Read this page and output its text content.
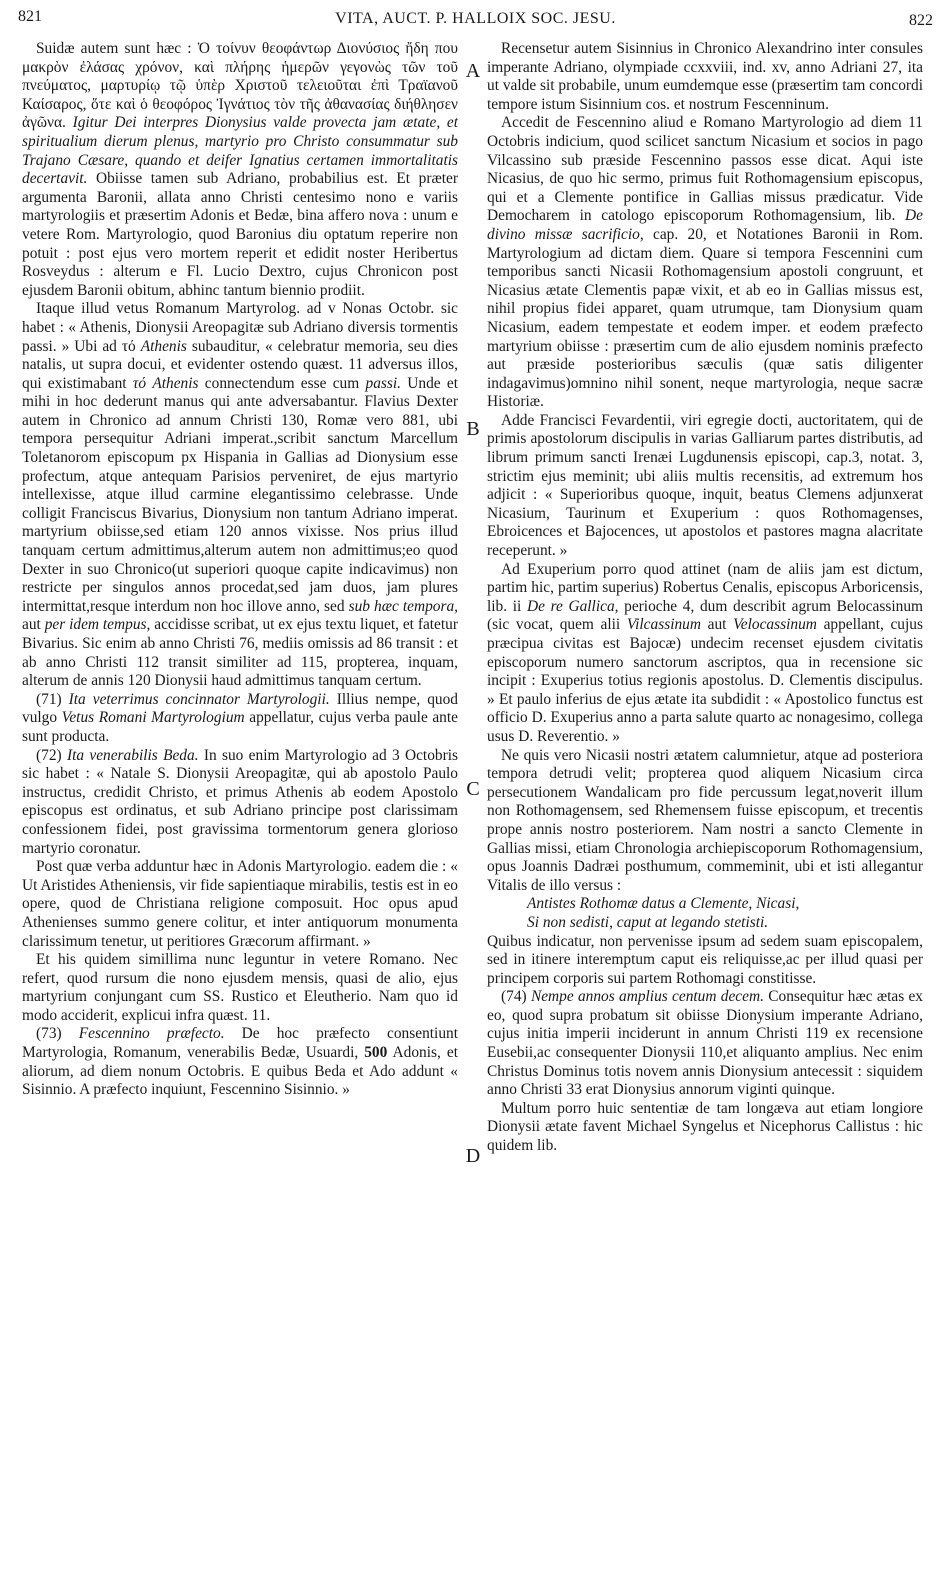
821	VITA, AUCT. P. HALLOIX SOC. JESU.	822
A
B
C
D

Suidæ autem sunt hæc : Ὁ τοίνυν θεοφάντωρ Διονύσιος ἤδη που μακρὸν ἐλάσας χρόνον, καὶ πλήρης ἡμερῶν γεγονὼς τῶν τοῦ πνεύματος, μαρτυρίῳ τῷ ὑπὲρ Χριστοῦ τελειοῦται ἐπὶ Τραϊανοῦ Καίσαρος, ὅτε καὶ ὁ θεοφόρος Ἰγνάτιος τὸν τῆς ἀθανασίας διήθλησεν ἀγῶνα. Igitur Dei interpres Dionysius valde provecta jam ætate, et spiritualium dierum plenus, martyrio pro Christo consummatur sub Trajano Cæsare, quando et deifer Ignatius certamen immortalitatis decertavit. Obiisse tamen sub Adriano, probabilius est. Et præter argumenta Baronii, allata anno Christi centesimo nono e variis martyrologiis et præsertim Adonis et Bedæ, bina affero nova : unum e vetere Rom. Martyrologio, quod Baronius diu optatum reperire non potuit : post ejus vero mortem reperit et edidit noster Heribertus Rosveydus : alterum e Fl. Lucio Dextro, cujus Chronicon post ejusdem Baronii obitum, abhinc tantum biennio prodiit.

Itaque illud vetus Romanum Martyrolog. ad v Nonas Octobr. sic habet : « Athenis, Dionysii Areopagitæ sub Adriano diversis tormentis passi. » Ubi ad τό Athenis subauditur, « celebratur memoria, seu dies natalis, ut supra docui, et evidenter ostendo quæst. 11 adversus illos, qui existimabant τό Athenis connectendum esse cum passi. Unde et mihi in hoc dederunt manus qui ante adversabantur. Flavius Dexter autem in Chronico ad annum Christi 130, Romæ vero 881, ubi tempora persequitur Adriani imperat.,scribit sanctum Marcellum Toletanorom episcopum px Hispania in Gallias ad Dionysium esse profectum, atque antequam Parisios perveniret, de ejus martyrio intellexisse, atque illud carmine elegantissimo celebrasse. Unde colligit Franciscus Bivarius, Dionysium non tantum Adriano imperat. martyrium obiisse,sed etiam 120 annos vixisse. Nos prius illud tanquam certum admittimus,alterum autem non admittimus;eo quod Dexter in suo Chronico(ut superiori quoque capite indicavimus) non restricte per singulos annos procedat,sed jam duos, jam plures intermittat,resque interdum non hoc illove anno, sed sub hæc tempora, aut per idem tempus, accidisse scribat, ut ex ejus textu liquet, et fatetur Bivarius. Sic enim ab anno Christi 76, mediis omissis ad 86 transit : et ab anno Christi 112 transit similiter ad 115, propterea, inquam, alterum de annis 120 Dionysii haud admittimus tanquam certum.

(71) Ita veterrimus concinnator Martyrologii. Illius nempe, quod vulgo Vetus Romani Martyrologium appellatur, cujus verba paule ante sunt producta.

(72) Ita venerabilis Beda. In suo enim Martyrologio ad 3 Octobris sic habet : « Natale S. Dionysii Areopagitæ, qui ab apostolo Paulo instructus, credidit Christo, et primus Athenis ab eodem Apostolo episcopus est ordinatus, et sub Adriano principe post clarissimam confessionem fidei, post gravissima tormentorum genera glorioso martyrio coronatur.

Post quæ verba adduntur hæc in Adonis Martyrologio. eadem die : « Ut Aristides Atheniensis, vir fide sapientiaque mirabilis, testis est in eo opere, quod de Christiana religione composuit. Hoc opus apud Athenienses summo genere colitur, et inter antiquorum monumenta clarissimum tenetur, ut peritiores Græcorum affirmant. »

Et his quidem simillima nunc leguntur in vetere Romano. Nec refert, quod rursum die nono ejusdem mensis, quasi de alio, ejus martyrium conjungant cum SS. Rustico et Eleutherio. Nam quo id modo acciderit, explicui infra quæst. 11.

(73) Fescennino præfecto. De hoc præfecto consentiunt Martyrologia, Romanum, venerabilis Bedæ, Usuardi, 500 Adonis, et aliorum, ad diem nonum Octobris. E quibus Beda et Ado addunt « Sisinnio. A præfecto inquiunt, Fescennino Sisinnio. »

Recensetur autem Sisinnius in Chronico Alexandrino inter consules imperante Adriano, olympiade ccxxviii, ind. xv, anno Adriani 27, ita ut valde sit probabile, unum eumdemque esse (præsertim tam concordi tempore istum Sisinnium cos. et nostrum Fescenninum.

Accedit de Fescennino aliud e Romano Martyrologio ad diem 11 Octobris indicium, quod scilicet sanctum Nicasium et socios in pago Vilcassino sub præside Fescennino passos esse dicat. Aqui iste Nicasius, de quo hic sermo, primus fuit Rothomagensium episcopus, qui et a Clemente pontifice in Gallias missus prædicatur. Vide Democharem in catologo episcoporum Rothomagensium, lib. De divino missæ sacrificio, cap. 20, et Notationes Baronii in Rom. Martyrologium ad dictam diem. Quare si tempora Fescennini cum temporibus sancti Nicasii Rothomagensium apostoli congruunt, et Nicasius ætate Clementis papæ vixit, et ab eo in Gallias missus est, nihil propius fidei apparet, quam utrumque, tam Dionysium quam Nicasium, eadem tempestate et eodem imper. et eodem præfecto martyrium obiisse : præsertim cum de alio ejusdem nominis præfecto aut præside posterioribus sæculis (quæ satis diligenter indagavimus)omnino nihil sonent, neque martyrologia, neque sacræ Historiæ.

Adde Francisci Fevardentii, viri egregie docti, auctoritatem, qui de primis apostolorum discipulis in varias Galliarum partes distributis, ad librum primum sancti Irenæi Lugdunensis episcopi, cap.3, notat. 3, strictim ejus meminit; ubi aliis multis recensitis, ad extremum hos adjicit : « Superioribus quoque, inquit, beatus Clemens adjunxerat Nicasium, Taurinum et Exuperium : quos Rothomagenses, Ebroicences et Bajocences, ut apostolos et pastores magna alacritate receperunt. »

Ad Exuperium porro quod attinet (nam de aliis jam est dictum, partim hic, partim superius) Robertus Cenalis, episcopus Arboricensis, lib. ii De re Gallica, perioche 4, dum describit agrum Belocassinum (sic vocat, quem alii Vilcassinum aut Velocassinum appellant, cujus præcipua civitas est Bajocæ) undecim recenset ejusdem civitatis episcoporum numero sanctorum ascriptos, qua in recensione sic incipit : Exuperius totius regionis apostolus. D. Clementis discipulus. » Et paulo inferius de ejus ætate ita subdidit : « Apostolico functus est officio D. Exuperius anno a parta salute quarto ac nonagesimo, collega usus D. Reverentio. »

Ne quis vero Nicasii nostri ætatem calumnietur, atque ad posteriora tempora detrudi velit; propterea quod aliquem Nicasium circa persecutionem Wandalicam pro fide percussum legat,noverit illum non Rothomagensem, sed Rhemensem fuisse episcopum, et trecentis prope annis nostro posteriorem. Nam nostri a sancto Clemente in Gallias missi, etiam Chronologia archiepiscoporum Rothomagensium, opus Joannis Dadræi posthumum, commeminit, ubi et isti allegantur Vitalis de illo versus :

Antistes Rothomæ datus a Clemente, Nicasi,
Si non sedisti, caput at legando stetisti.

Quibus indicatur, non pervenisse ipsum ad sedem suam episcopalem, sed in itinere interemptum caput eis reliquisse,ac per illud quasi per principem corporis sui partem Rothomagi constitisse.

(74) Nempe annos amplius centum decem. Consequitur hæc ætas ex eo, quod supra probatum sit obiisse Dionysium imperante Adriano, cujus initia imperii inciderunt in annum Christi 119 ex recensione Eusebii,ac consequenter Dionysii 110,et aliquanto amplius. Nec enim Christus Dominus totis novem annis Dionysium antecessit : siquidem anno Christi 33 erat Dionysius annorum viginti quinque.

Multum porro huic sententiæ de tam longæva aut etiam longiore Dionysii ætate favent Michael Syngelus et Nicephorus Callistus : hic quidem lib.
